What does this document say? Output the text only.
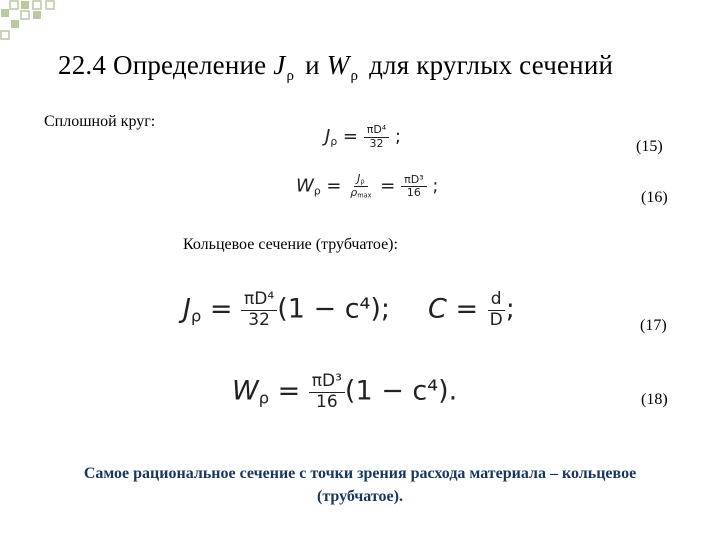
22.4 Определение $J_\rho$ и $W_\rho$ для круглых сечений
Сплошной круг:
Кольцевое сечение (трубчатое):
$J_\rho = \frac{\text{πD⁴}}{32}$ ;	(15)
$W_\rho = \frac{J_\rho}{\rho_{max}} = \frac{\text{πD³}}{16}$ ;
(16)
$J_\rho = \frac{\text{πD⁴}}{32} (1 - c^4)$; $C = \frac{d}{D}$ ;
(17)
$W_\rho = \frac{\text{πD³}}{16} (1 - c^4)$.	(18)
Самое рациональное сечение с точки зрения расхода материала – кольцевое
(трубчатое).
